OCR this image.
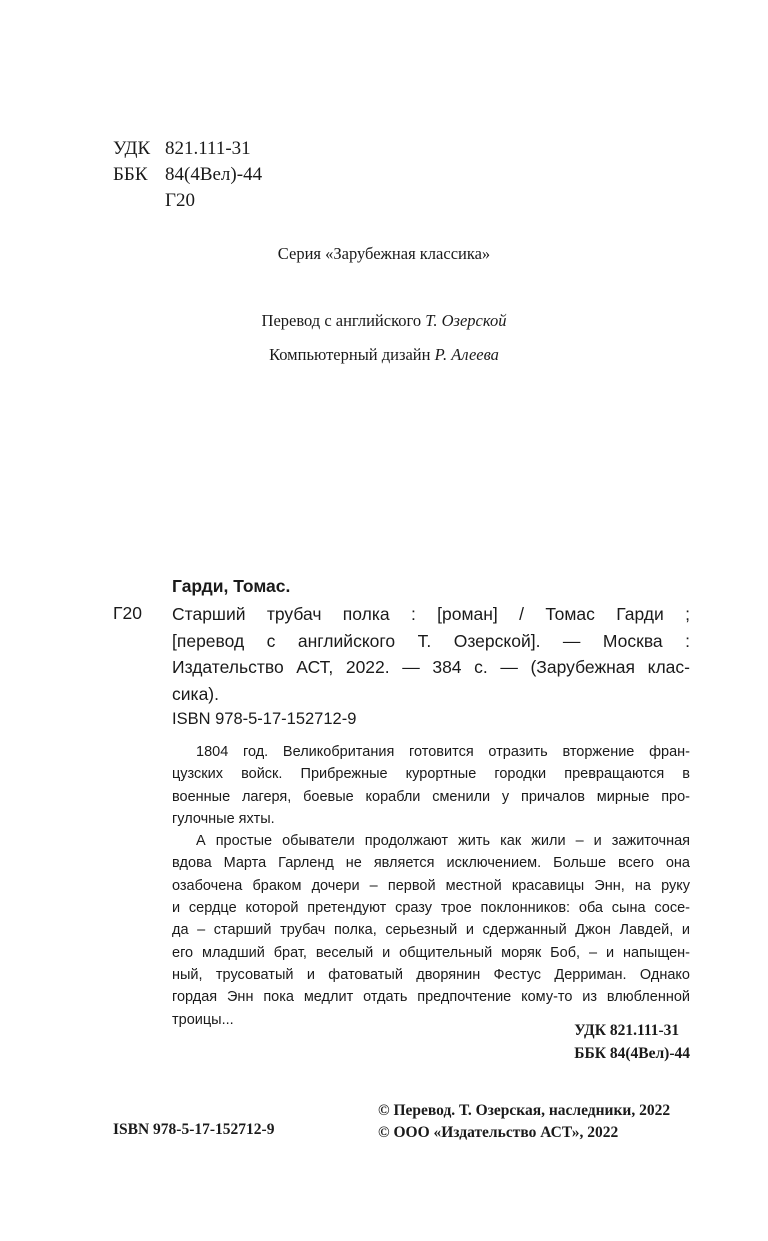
УДК 821.111-31
ББК 84(4Вел)-44
Г20
Серия «Зарубежная классика»
Перевод с английского Т. Озерской
Компьютерный дизайн Р. Алеева
Гарди, Томас.
Г20 Старший трубач полка : [роман] / Томас Гарди ;
[перевод с английского Т. Озерской]. — Москва :
Издательство АСТ, 2022. — 384 с. — (Зарубежная клас-
сика).
ISBN 978-5-17-152712-9
1804 год. Великобритания готовится отразить вторжение фран-
цузских войск. Прибрежные курортные городки превращаются в
военные лагеря, боевые корабли сменили у причалов мирные про-
гулочные яхты.
А простые обыватели продолжают жить как жили – и зажиточная
вдова Марта Гарленд не является исключением. Больше всего она
озабочена браком дочери – первой местной красавицы Энн, на руку
и сердце которой претендуют сразу трое поклонников: оба сына сосе-
да – старший трубач полка, серьезный и сдержанный Джон Лавдей, и
его младший брат, веселый и общительный моряк Боб, – и напыщен-
ный, трусоватый и фатоватый дворянин Фестус Дерриман. Однако
гордая Энн пока медлит отдать предпочтение кому-то из влюбленной
троицы...
УДК 821.111-31
ББК 84(4Вел)-44
© Перевод. Т. Озерская, наследники, 2022
© ООО «Издательство АСТ», 2022
ISBN 978-5-17-152712-9
